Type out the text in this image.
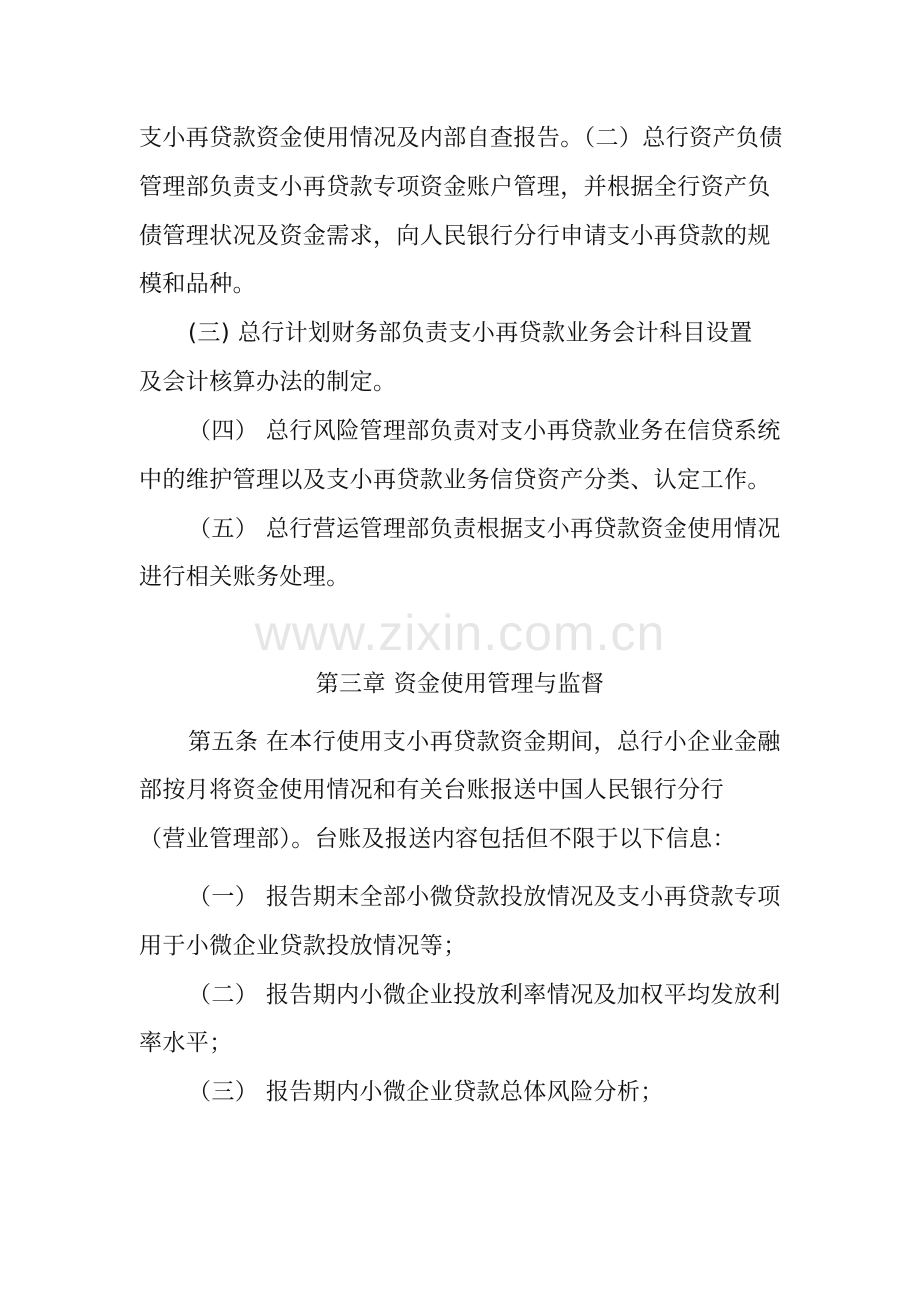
支小再贷款资金使用情况及内部自查报告。（二）总行资产负债
管理部负责支小再贷款专项资金账户管理，并根据全行资产负
债管理状况及资金需求，向人民银行分行申请支小再贷款的规
模和品种。
(三) 总行计划财务部负责支小再贷款业务会计科目设置
及会计核算办法的制定。
（四） 总行风险管理部负责对支小再贷款业务在信贷系统
中的维护管理以及支小再贷款业务信贷资产分类、认定工作。
（五） 总行营运管理部负责根据支小再贷款资金使用情况
进行相关账务处理。
www.zixin.com.cn
第三章 资金使用管理与监督
第五条 在本行使用支小再贷款资金期间，总行小企业金融
部按月将资金使用情况和有关台账报送中国人民银行分行
（营业管理部）。台账及报送内容包括但不限于以下信息：
（一） 报告期末全部小微贷款投放情况及支小再贷款专项
用于小微企业贷款投放情况等；
（二） 报告期内小微企业投放利率情况及加权平均发放利
率水平；
（三） 报告期内小微企业贷款总体风险分析；
